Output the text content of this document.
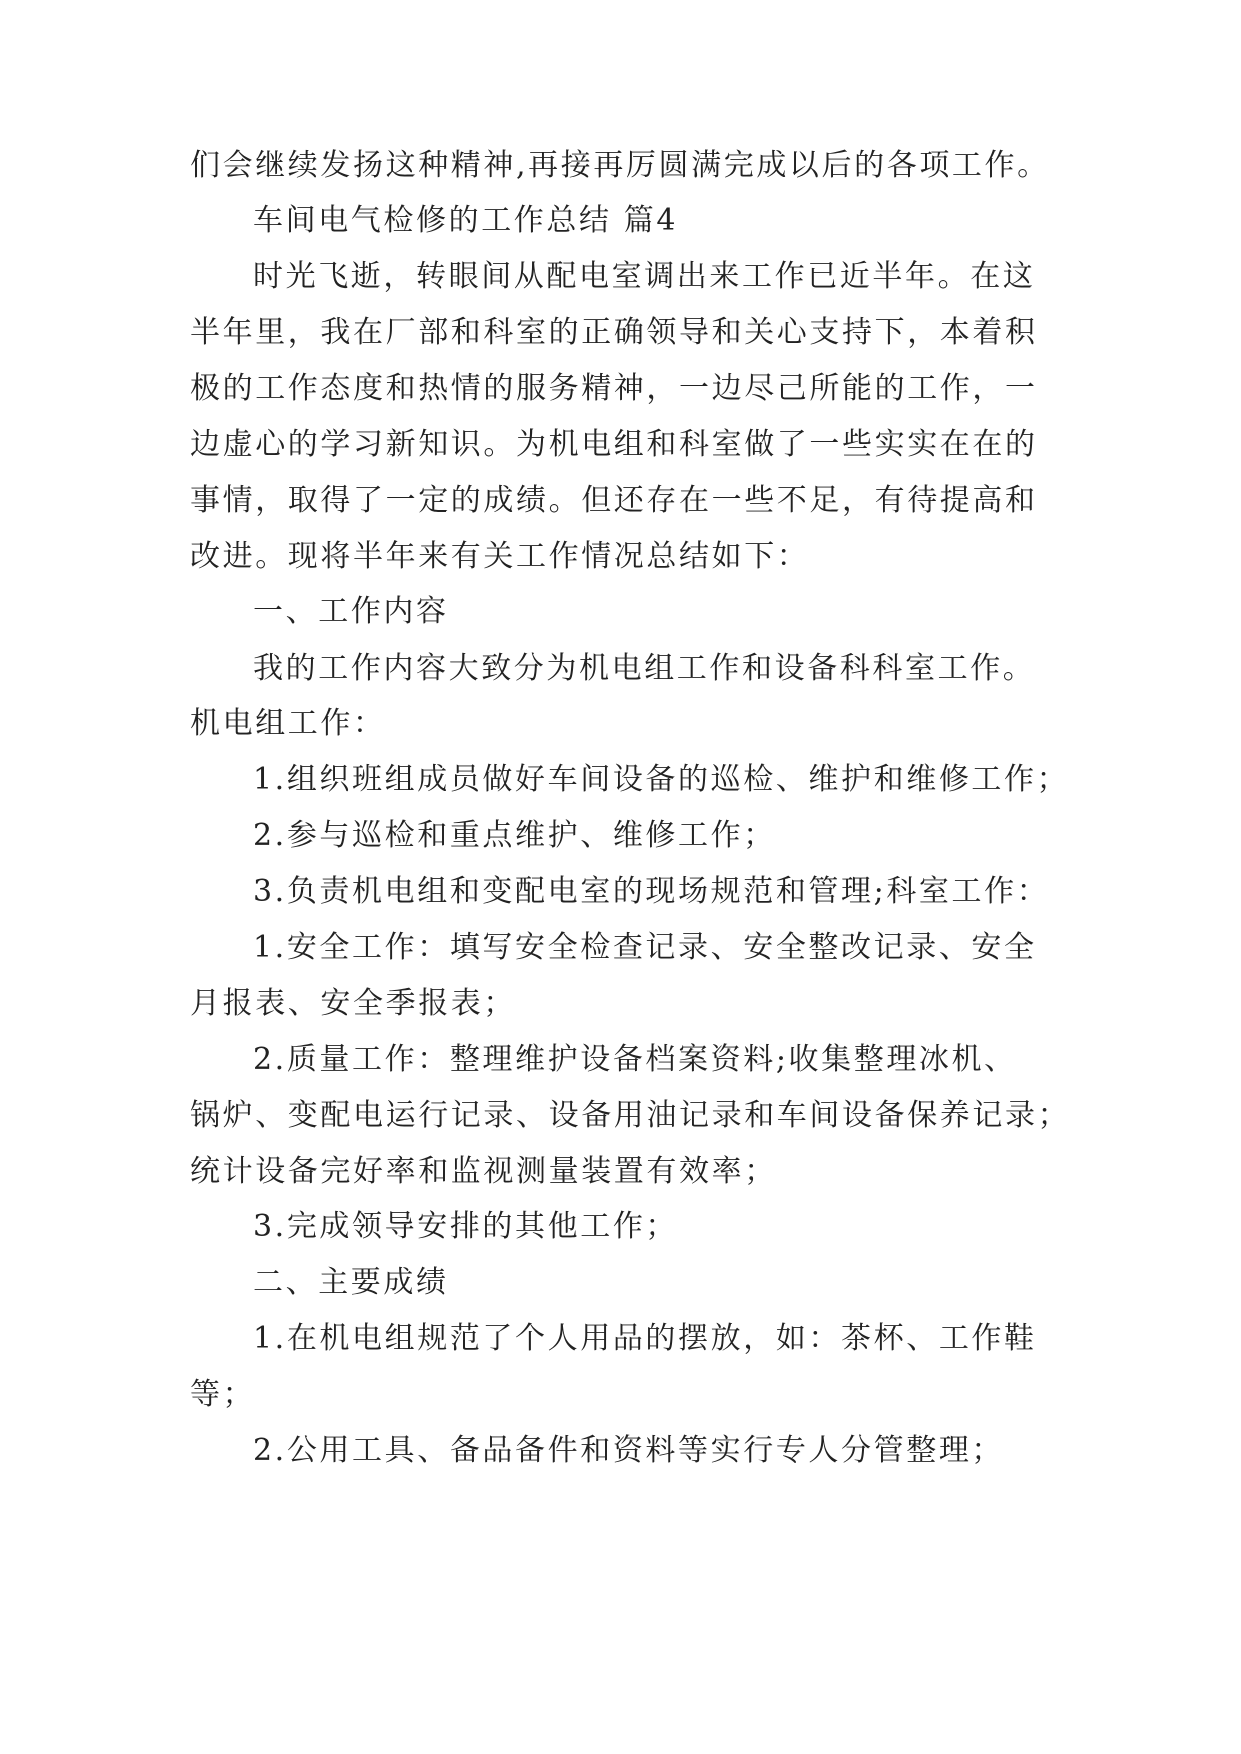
们会继续发扬这种精神,再接再厉圆满完成以后的各项工作。
车间电气检修的工作总结 篇4
时光飞逝，转眼间从配电室调出来工作已近半年。在这
半年里，我在厂部和科室的正确领导和关心支持下，本着积
极的工作态度和热情的服务精神，一边尽己所能的工作，一
边虚心的学习新知识。为机电组和科室做了一些实实在在的
事情，取得了一定的成绩。但还存在一些不足，有待提高和
改进。现将半年来有关工作情况总结如下：
一、工作内容
我的工作内容大致分为机电组工作和设备科科室工作。
机电组工作：
1.组织班组成员做好车间设备的巡检、维护和维修工作；
2.参与巡检和重点维护、维修工作；
3.负责机电组和变配电室的现场规范和管理;科室工作：
1.安全工作：填写安全检查记录、安全整改记录、安全
月报表、安全季报表；
2.质量工作：整理维护设备档案资料;收集整理冰机、
锅炉、变配电运行记录、设备用油记录和车间设备保养记录；
统计设备完好率和监视测量装置有效率；
3.完成领导安排的其他工作；
二、主要成绩
1.在机电组规范了个人用品的摆放，如：茶杯、工作鞋
等；
2.公用工具、备品备件和资料等实行专人分管整理；
